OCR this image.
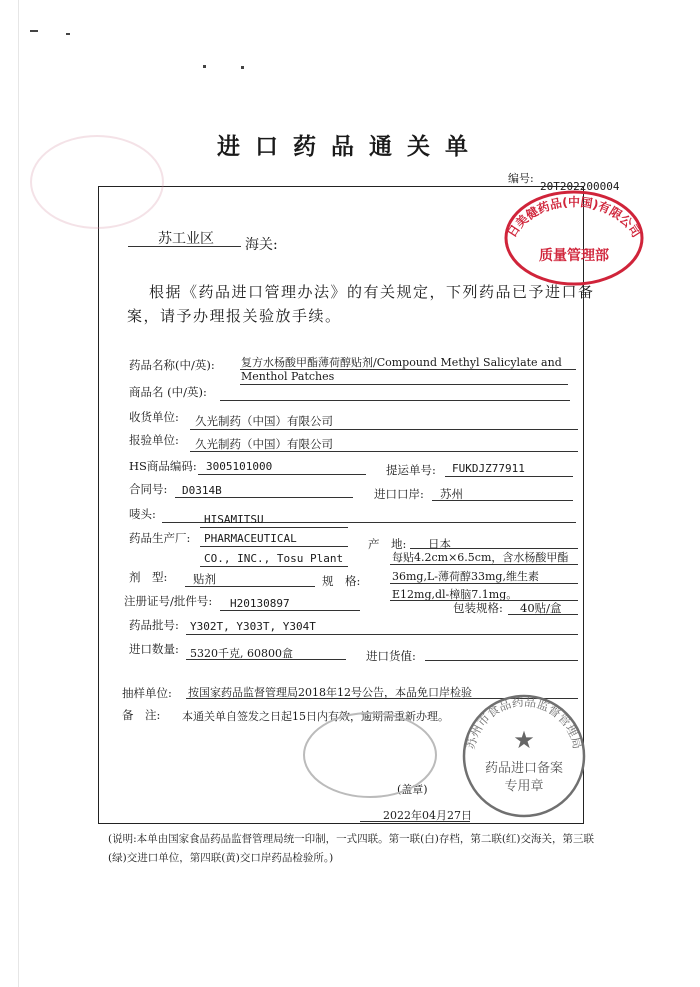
进口药品通关单
编号:
20T202200004
苏工业区 海关:
根据《药品进口管理办法》的有关规定，下列药品已予进口备
案，请予办理报关验放手续。
药品名称(中/英): 复方水杨酸甲酯薄荷醇贴剂/Compound Methyl Salicylate and
Menthol Patches
商品名 (中/英):
收货单位: 久光制药（中国）有限公司
报验单位: 久光制药（中国）有限公司
HS商品编码: 3005101000	提运单号: FUKDJZ77911
合同号: D0314B	进口口岸: 苏州
唛头:
药品生产厂:
HISAMITSU
PHARMACEUTICAL
CO., INC., Tosu Plant
产　地: 日本
剂　型: 贴剂	规　格:
每贴4.2cm×6.5cm，含水杨酸甲酯
36mg,L-薄荷醇33mg,维生素
E12mg,dl-樟脑7.1mg。
注册证号/批件号: H20130897	包装规格: 40贴/盒
药品批号: Y302T, Y303T, Y304T
进口数量: 5320千克, 60800盒	进口货值:
抽样单位: 按国家药品监督管理局2018年12号公告，本品免口岸检验
备　注: 本通关单自签发之日起15日内有效，逾期需重新办理。
(盖章)
2022年04月27日
日美健药品(中国)有限公司
质量管理部
苏州市食品药品监督管理局
★
药品进口备案
专用章
(说明:本单由国家食品药品监督管理局统一印制，一式四联。第一联(白)存档，第二联(红)交海关，第三联(绿)交进口单位，第四联(黄)交口岸药品检验所。)
